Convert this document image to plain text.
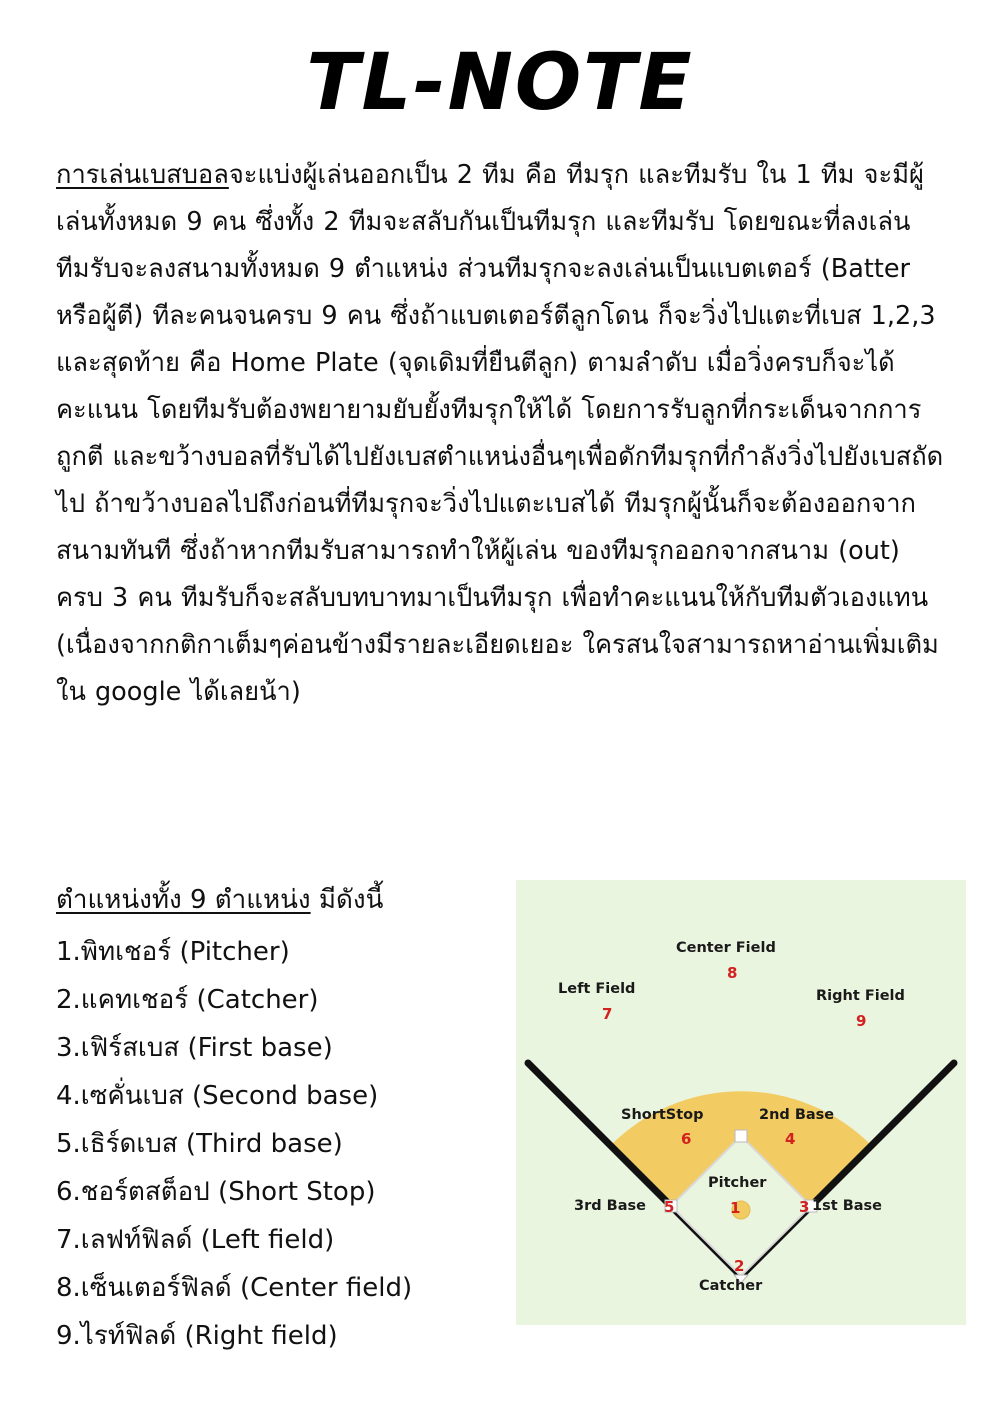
TL-NOTE

การเล่นเบสบอลจะแบ่งผู้เล่นออกเป็น 2 ทีม คือ ทีมรุก และทีมรับ ใน 1 ทีม จะมีผู้เล่นทั้งหมด 9 คน ซึ่งทั้ง 2 ทีมจะสลับกันเป็นทีมรุก และทีมรับ โดยขณะที่ลงเล่น ทีมรับจะลงสนามทั้งหมด 9 ตำแหน่ง ส่วนทีมรุกจะลงเล่นเป็นแบตเตอร์ (Batter หรือผู้ตี) ทีละคนจนครบ 9 คน ซึ่งถ้าแบตเตอร์ตีลูกโดน ก็จะวิ่งไปแตะที่เบส 1,2,3 และสุดท้าย คือ Home Plate (จุดเดิมที่ยืนตีลูก) ตามลำดับ เมื่อวิ่งครบก็จะได้คะแนน โดยทีมรับต้องพยายามยับยั้งทีมรุกให้ได้ โดยการรับลูกที่กระเด็นจากการถูกตี และขว้างบอลที่รับได้ไปยังเบสตำแหน่งอื่นๆเพื่อดักทีมรุกที่กำลังวิ่งไปยังเบสถัดไป ถ้าขว้างบอลไปถึงก่อนที่ทีมรุกจะวิ่งไปแตะเบสได้ ทีมรุกผู้นั้นก็จะต้องออกจากสนามทันที ซึ่งถ้าหากทีมรับสามารถทำให้ผู้เล่น ของทีมรุกออกจากสนาม (out) ครบ 3 คน ทีมรับก็จะสลับบทบาทมาเป็นทีมรุก เพื่อทำคะแนนให้กับทีมตัวเองแทน (เนื่องจากกติกาเต็มๆค่อนข้างมีรายละเอียดเยอะ ใครสนใจสามารถหาอ่านเพิ่มเติมใน google ได้เลยน้า)

ตำแหน่งทั้ง 9 ตำแหน่ง มีดังนี้
1.พิทเชอร์ (Pitcher)
2.แคทเชอร์ (Catcher)
3.เฟิร์สเบส (First base)
4.เซคั่นเบส (Second base)
5.เธิร์ดเบส (Third base)
6.ชอร์ตสต็อป (Short Stop)
7.เลฟท์ฟิลด์ (Left field)
8.เซ็นเตอร์ฟิลด์ (Center field)
9.ไรท์ฟิลด์ (Right field)
Center Field
8
Left Field
7
Right Field
9
ShortStop
6
2nd Base
4
Pitcher
1
3rd Base 5	1st Base
3
Catcher
2
